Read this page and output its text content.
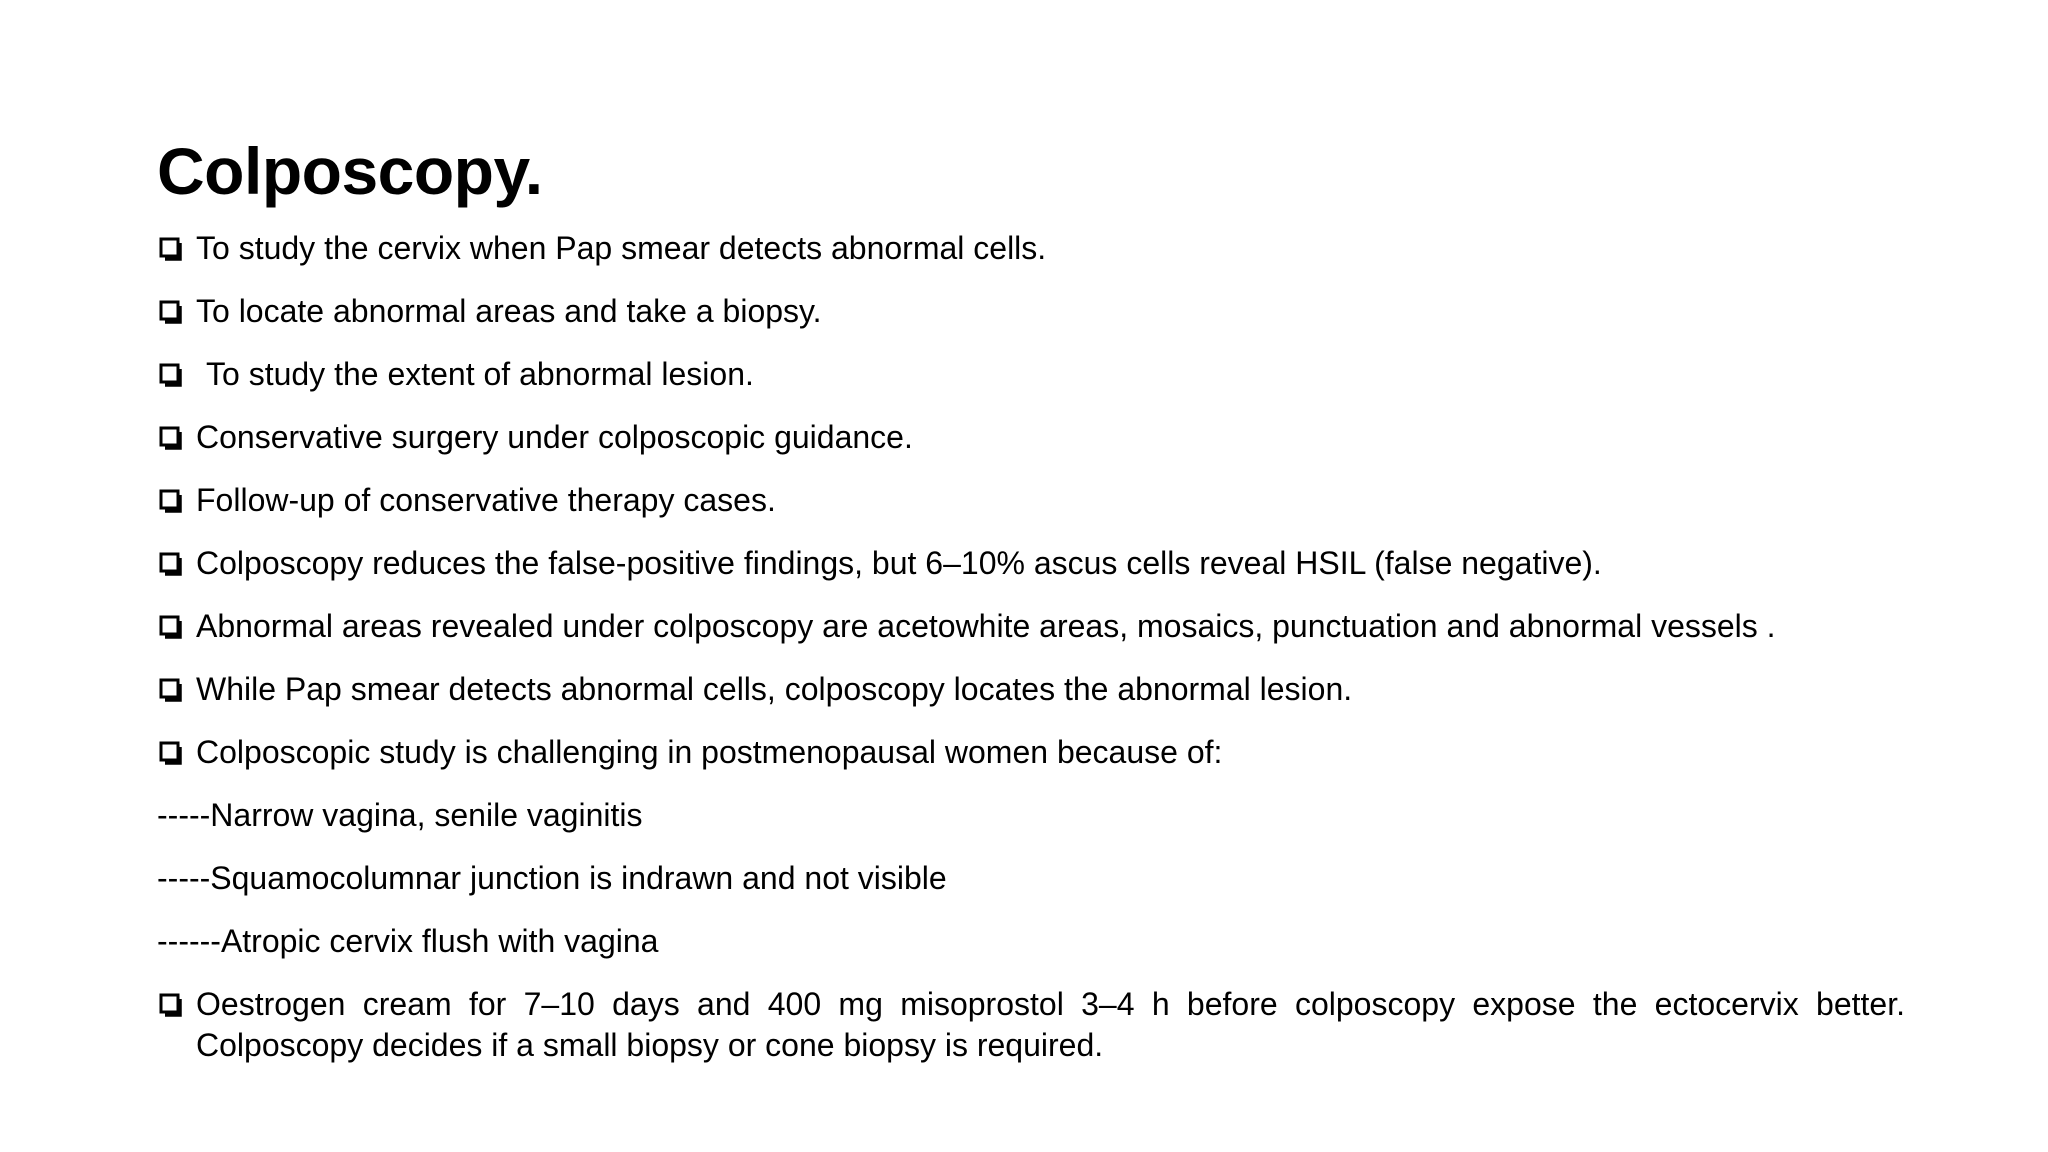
Colposcopy.
To study the cervix when Pap smear detects abnormal cells.
To locate abnormal areas and take a biopsy.
To study the extent of abnormal lesion.
Conservative surgery under colposcopic guidance.
Follow-up of conservative therapy cases.
Colposcopy reduces the false-positive findings, but 6–10% ascus cells reveal HSIL (false negative).
Abnormal areas revealed under colposcopy are acetowhite areas, mosaics, punctuation and abnormal vessels .
While Pap smear detects abnormal cells, colposcopy locates the abnormal lesion.
Colposcopic study is challenging in postmenopausal women because of:
-----Narrow vagina, senile vaginitis
-----Squamocolumnar junction is indrawn and not visible
------Atropic cervix flush with vagina
Oestrogen cream for 7–10 days and 400 mg misoprostol 3–4 h before colposcopy expose the ectocervix better. Colposcopy decides if a small biopsy or cone biopsy is required.
